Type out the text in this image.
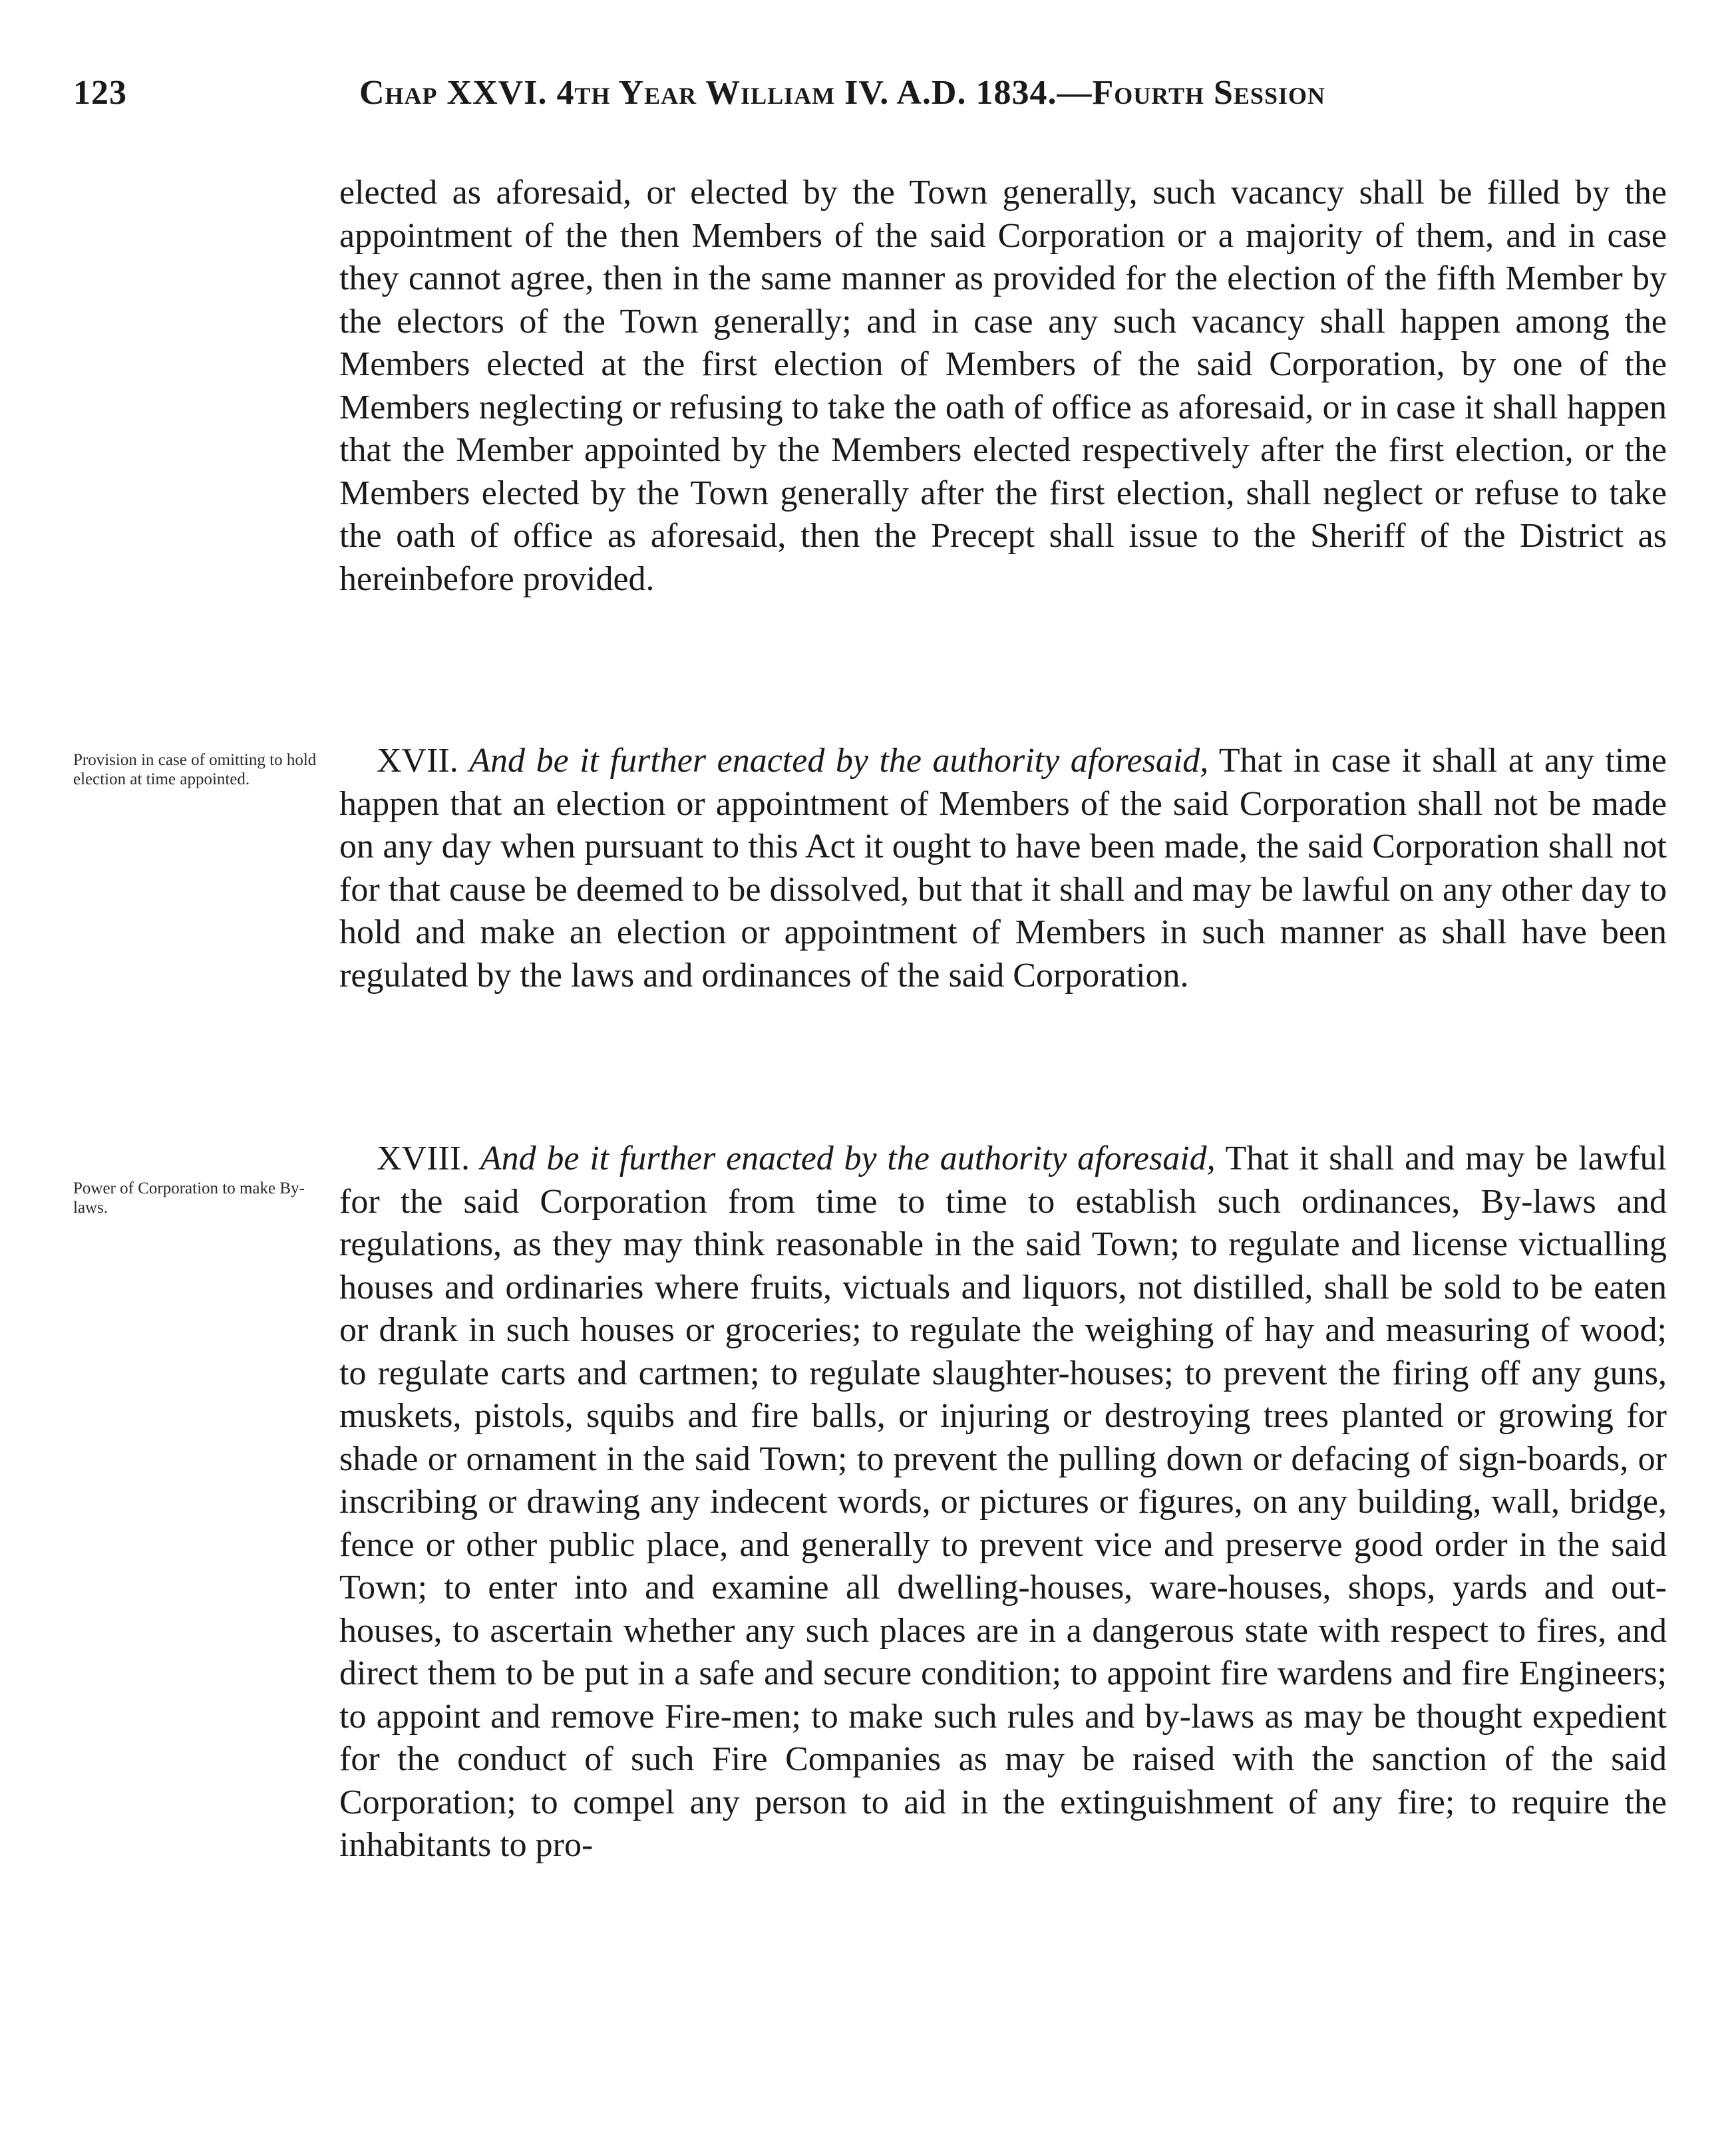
123	Chap XXVI. 4th Year William IV. A.D. 1834.—Fourth Session

elected as aforesaid, or elected by the Town generally, such vacancy shall be filled by the appointment of the then Members of the said Corporation or a majority of them, and in case they cannot agree, then in the same manner as provided for the election of the fifth Member by the electors of the Town generally; and in case any such vacancy shall happen among the Members elected at the first election of Members of the said Corporation, by one of the Members neglecting or refusing to take the oath of office as aforesaid, or in case it shall happen that the Member appointed by the Members elected respectively after the first election, or the Members elected by the Town generally after the first election, shall neglect or refuse to take the oath of office as aforesaid, then the Precept shall issue to the Sheriff of the District as hereinbefore provided.

Provision in case of omitting to hold election at time appointed.	XVII. And be it further enacted by the authority aforesaid, That in case it shall at any time happen that an election or appointment of Members of the said Corporation shall not be made on any day when pursuant to this Act it ought to have been made, the said Corporation shall not for that cause be deemed to be dissolved, but that it shall and may be lawful on any other day to hold and make an election or appointment of Members in such manner as shall have been regulated by the laws and ordinances of the said Corporation.

Power of Corporation to make By-laws.

XVIII. And be it further enacted by the authority aforesaid, That it shall and may be lawful for the said Corporation from time to time to establish such ordinances, By-laws and regulations, as they may think reasonable in the said Town; to regulate and license victualling houses and ordinaries where fruits, victuals and liquors, not distilled, shall be sold to be eaten or drank in such houses or groceries; to regulate the weighing of hay and measuring of wood; to regulate carts and cartmen; to regulate slaughter-houses; to prevent the firing off any guns, muskets, pistols, squibs and fire balls, or injuring or destroying trees planted or growing for shade or ornament in the said Town; to prevent the pulling down or defacing of sign-boards, or inscribing or drawing any indecent words, or pictures or figures, on any building, wall, bridge, fence or other public place, and generally to prevent vice and preserve good order in the said Town; to enter into and examine all dwelling-houses, ware-houses, shops, yards and out-houses, to ascertain whether any such places are in a dangerous state with respect to fires, and direct them to be put in a safe and secure condition; to appoint fire wardens and fire Engineers; to appoint and remove Fire-men; to make such rules and by-laws as may be thought expedient for the conduct of such Fire Companies as may be raised with the sanction of the said Corporation; to compel any person to aid in the extinguishment of any fire; to require the inhabitants to pro-
